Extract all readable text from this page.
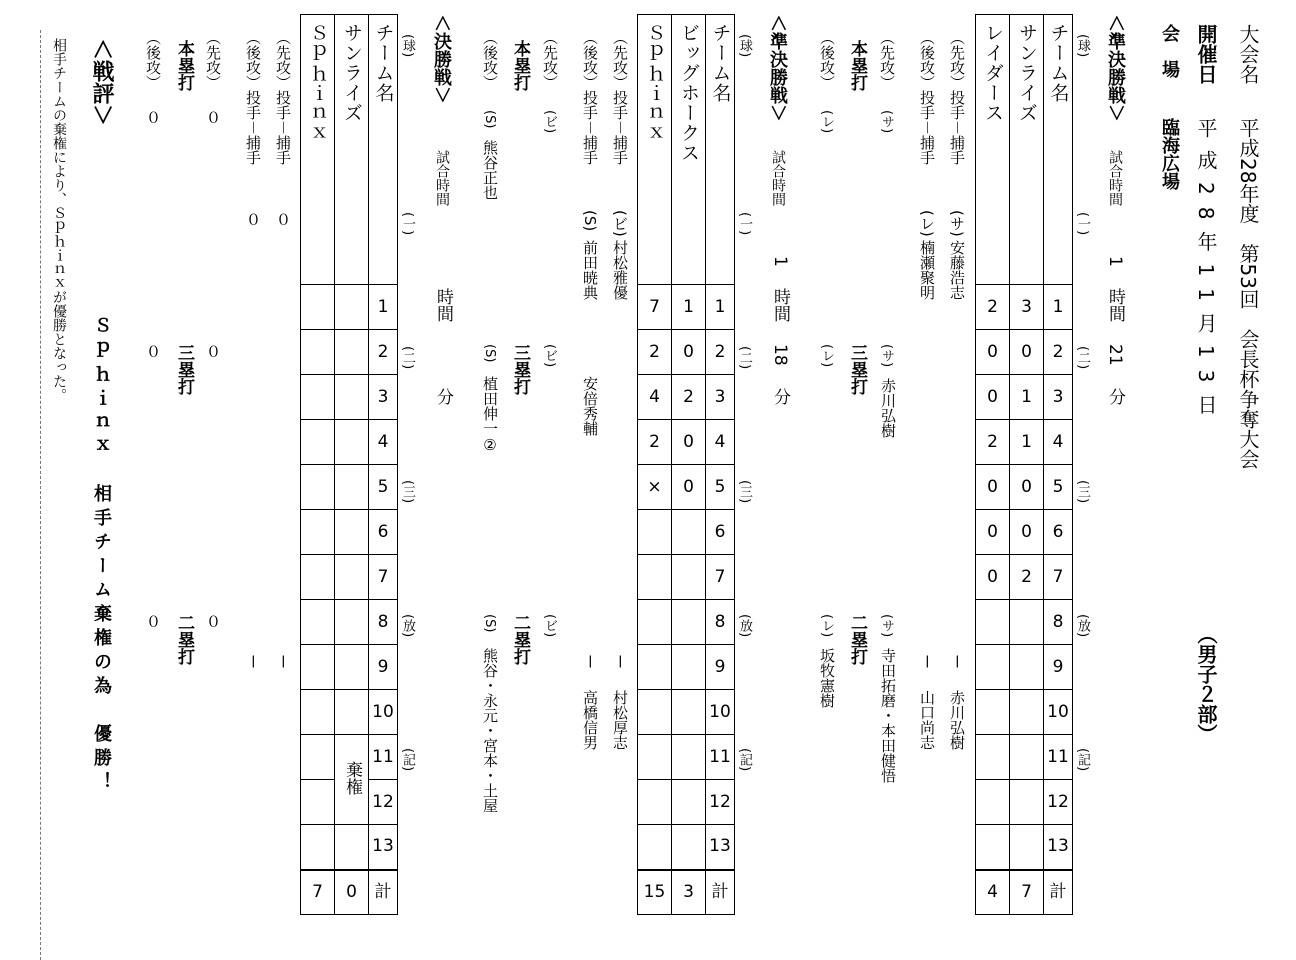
大会名
平成28年度　第53回　会長杯争奪大会
開催日
平成28年11月13日
（男子２部）
会　場
臨海広場
＜準決勝戦＞
試合時間
1
時間
21
分
(球)
(一)
(二)
(三)
(放)
(記)
レイダース	サンライズ	チーム名
2	3	1
0	0	2
0	1	3
2	1	4
0	0	5
0	0	6
0	2	7
		8
		9
		10
		11
		12
		13
4	7	計
（先攻）投手－捕手
(サ)
安藤浩志
－
赤川弘樹
（後攻）投手－捕手
(レ)
楠瀬聚明
－
山口尚志
（先攻）
(サ)
本塁打
(サ)
三塁打
赤川弘樹
(サ)
二塁打
寺田拓磨・本田健悟
（後攻）
(レ)
(レ)
(レ)
坂牧憲樹
＜準決勝戦＞
試合時間
1
時間
18
分
(球)
(一)
(二)
(三)
(放)
(記)
Ｓｐｈｉｎｘ	ビッグホークス	チーム名
7	1	1
2	0	2
4	2	3
2	0	4
×	0	5
		6
		7
		8
		9
		10
		11
		12
		13
15	3	計
（先攻）投手－捕手
(ビ)
村松雅優
－
村松厚志
（後攻）投手－捕手
(S)
前田暁典
安倍秀輔
－
高橋信男
（先攻）
(ビ)
本塁打
(ビ)
三塁打
(ビ)
二塁打
（後攻）
(S)
熊谷正也
(S)
植田伸一②
(S)
熊谷・永元・宮本・土屋
＜決勝戦＞
試合時間
時間
分
(球)
(一)
(二)
(三)
(放)
(記)
Ｓｐｈｉｎｘ	サンライズ	チーム名
		1
		2
		3
		4
		5
		6
		7
		8
		9
		10
	棄権	11
		12
		13
7	0	計
（先攻）投手－捕手
０
－
（後攻）投手－捕手
０
－
（先攻）
０
０
０
本塁打
三塁打
二塁打
（後攻）
０
０
０
＜戦評＞
Ｓｐｈｉｎｘ　相手チーム棄権の為　優勝！
相手チームの棄権により、Ｓｐｈｉｎｘが優勝となった。
